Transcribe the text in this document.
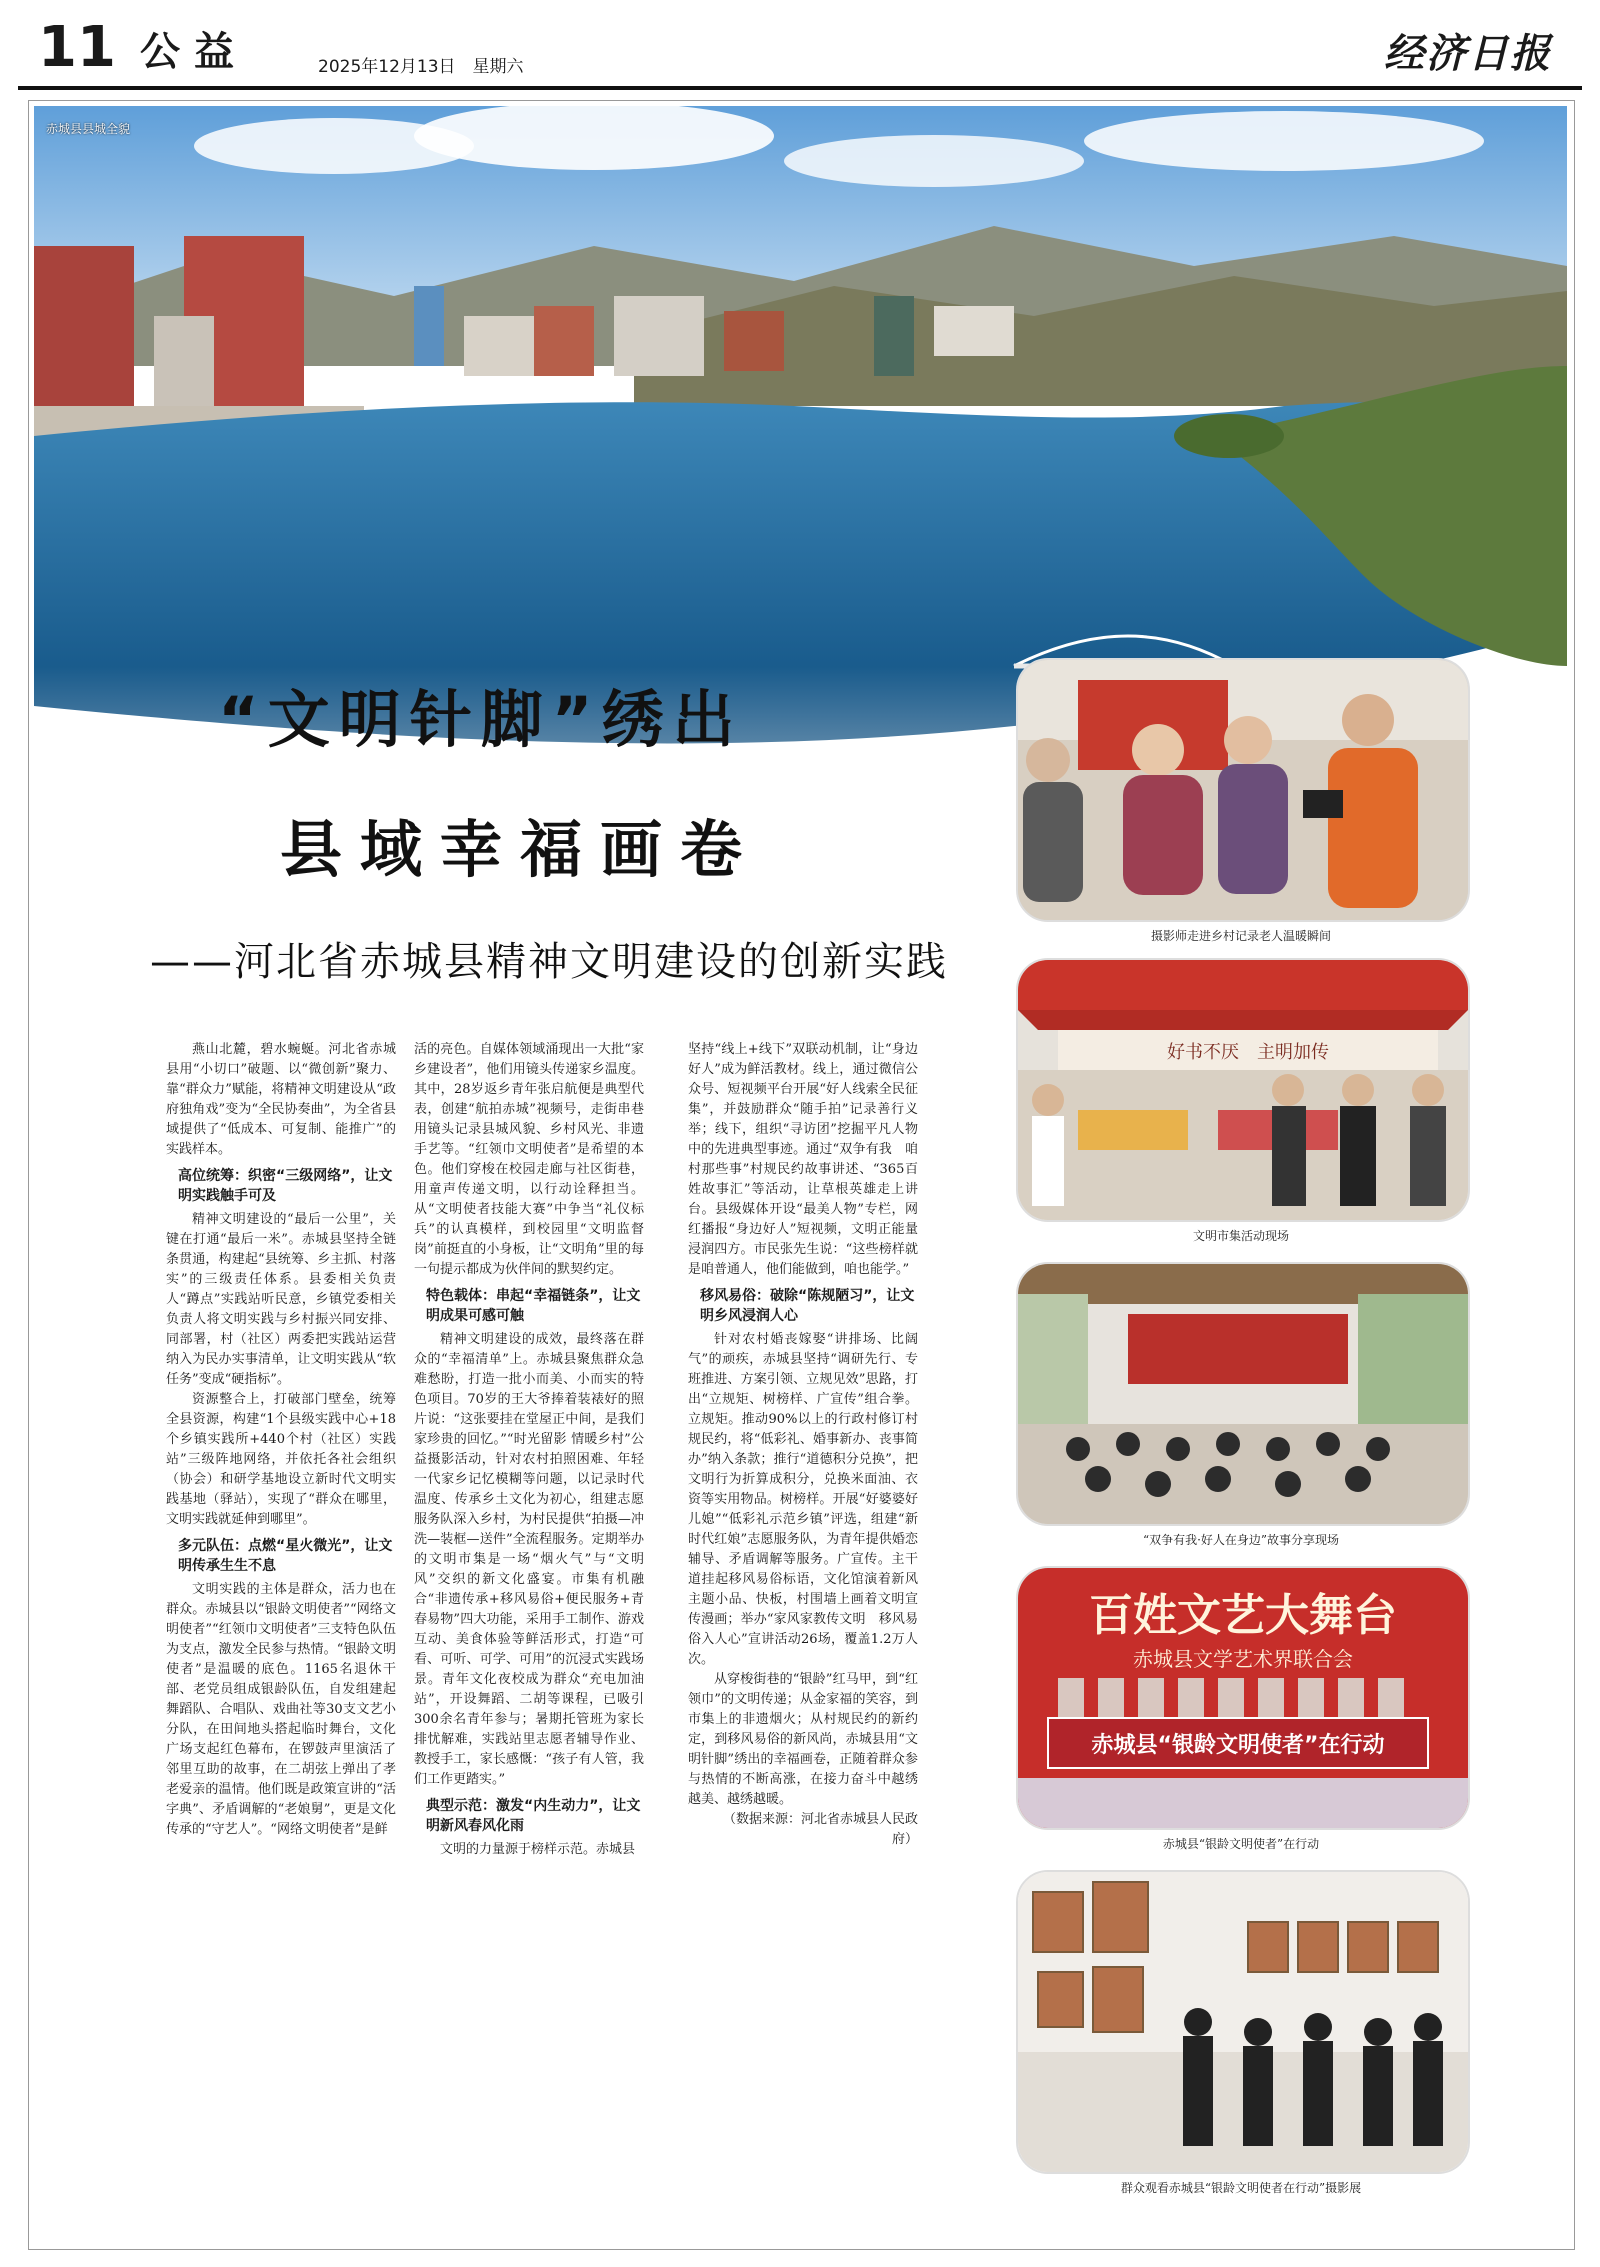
11 公益	2025年12月13日　星期六	经济日报
赤城县县城全貌
“文明针脚”绣出
县域幸福画卷
——河北省赤城县精神文明建设的创新实践

燕山北麓，碧水蜿蜒。河北省赤城县用“小切口”破题、以“微创新”聚力、靠“群众力”赋能，将精神文明建设从“政府独角戏”变为“全民协奏曲”，为全省县域提供了“低成本、可复制、能推广”的实践样本。

高位统筹：织密“三级网络”，让文明实践触手可及

精神文明建设的“最后一公里”，关键在打通“最后一米”。赤城县坚持全链条贯通，构建起“县统筹、乡主抓、村落实”的三级责任体系。县委相关负责人“蹲点”实践站听民意，乡镇党委相关负责人将文明实践与乡村振兴同安排、同部署，村（社区）两委把实践站运营纳入为民办实事清单，让文明实践从“软任务”变成“硬指标”。

资源整合上，打破部门壁垒，统筹全县资源，构建“1个县级实践中心+18个乡镇实践所+440个村（社区）实践站”三级阵地网络，并依托各社会组织（协会）和研学基地设立新时代文明实践基地（驿站），实现了“群众在哪里，文明实践就延伸到哪里”。

多元队伍：点燃“星火微光”，让文明传承生生不息

文明实践的主体是群众，活力也在群众。赤城县以“银龄文明使者”“网络文明使者”“红领巾文明使者”三支特色队伍为支点，激发全民参与热情。“银龄文明使者”是温暖的底色。1165名退休干部、老党员组成银龄队伍，自发组建起舞蹈队、合唱队、戏曲社等30支文艺小分队，在田间地头搭起临时舞台，文化广场支起红色幕布，在锣鼓声里演活了邻里互助的故事，在二胡弦上弹出了孝老爱亲的温情。他们既是政策宣讲的“活字典”、矛盾调解的“老娘舅”，更是文化传承的“守艺人”。“网络文明使者”是鲜

活的亮色。自媒体领域涌现出一大批“家乡建设者”，他们用镜头传递家乡温度。其中，28岁返乡青年张启航便是典型代表，创建“航拍赤城”视频号，走街串巷用镜头记录县城风貌、乡村风光、非遗手艺等。“红领巾文明使者”是希望的本色。他们穿梭在校园走廊与社区街巷，用童声传递文明，以行动诠释担当。从“文明使者技能大赛”中争当“礼仪标兵”的认真模样，到校园里“文明监督岗”前挺直的小身板，让“文明角”里的每一句提示都成为伙伴间的默契约定。

特色载体：串起“幸福链条”，让文明成果可感可触

精神文明建设的成效，最终落在群众的“幸福清单”上。赤城县聚焦群众急难愁盼，打造一批小而美、小而实的特色项目。70岁的王大爷捧着装裱好的照片说：“这张要挂在堂屋正中间，是我们家珍贵的回忆。”“时光留影 情暖乡村”公益摄影活动，针对农村拍照困难、年轻一代家乡记忆模糊等问题，以记录时代温度、传承乡土文化为初心，组建志愿服务队深入乡村，为村民提供“拍摄—冲洗—装框—送件”全流程服务。定期举办的文明市集是一场“烟火气”与“文明风”交织的新文化盛宴。市集有机融合“非遗传承+移风易俗+便民服务+青春易物”四大功能，采用手工制作、游戏互动、美食体验等鲜活形式，打造“可看、可听、可学、可用”的沉浸式实践场景。青年文化夜校成为群众“充电加油站”，开设舞蹈、二胡等课程，已吸引300余名青年参与；暑期托管班为家长排忧解难，实践站里志愿者辅导作业、教授手工，家长感慨：“孩子有人管，我们工作更踏实。”

典型示范：激发“内生动力”，让文明新风春风化雨

文明的力量源于榜样示范。赤城县

坚持“线上+线下”双联动机制，让“身边好人”成为鲜活教材。线上，通过微信公众号、短视频平台开展“好人线索全民征集”，并鼓励群众“随手拍”记录善行义举；线下，组织“寻访团”挖掘平凡人物中的先进典型事迹。通过“双争有我　咱村那些事”村规民约故事讲述、“365百姓故事汇”等活动，让草根英雄走上讲台。县级媒体开设“最美人物”专栏，网红播报“身边好人”短视频，文明正能量浸润四方。市民张先生说：“这些榜样就是咱普通人，他们能做到，咱也能学。”

移风易俗：破除“陈规陋习”，让文明乡风浸润人心

针对农村婚丧嫁娶“讲排场、比阔气”的顽疾，赤城县坚持“调研先行、专班推进、方案引领、立规见效”思路，打出“立规矩、树榜样、广宣传”组合拳。立规矩。推动90%以上的行政村修订村规民约，将“低彩礼、婚事新办、丧事简办”纳入条款；推行“道德积分兑换”，把文明行为折算成积分，兑换米面油、衣资等实用物品。树榜样。开展“好婆婆好儿媳”“低彩礼示范乡镇”评选，组建“新时代红娘”志愿服务队，为青年提供婚恋辅导、矛盾调解等服务。广宣传。主干道挂起移风易俗标语，文化馆演着新风主题小品、快板，村围墙上画着文明宣传漫画；举办“家风家教传文明　移风易俗入人心”宣讲活动26场，覆盖1.2万人次。

从穿梭街巷的“银龄”红马甲，到“红领巾”的文明传递；从金家福的笑容，到市集上的非遗烟火；从村规民约的新约定，到移风易俗的新风尚，赤城县用“文明针脚”绣出的幸福画卷，正随着群众参与热情的不断高涨，在接力奋斗中越绣越美、越绣越暖。

（数据来源：河北省赤城县人民政府）

摄影师走进乡村记录老人温暖瞬间
好书不厌　主明加传
文明市集活动现场
“双争有我·好人在身边”故事分享现场
百姓文艺大舞台
赤城县文学艺术界联合会
赤城县“银龄文明使者”在行动
赤城县“银龄文明使者”在行动
群众观看赤城县“银龄文明使者在行动”摄影展
